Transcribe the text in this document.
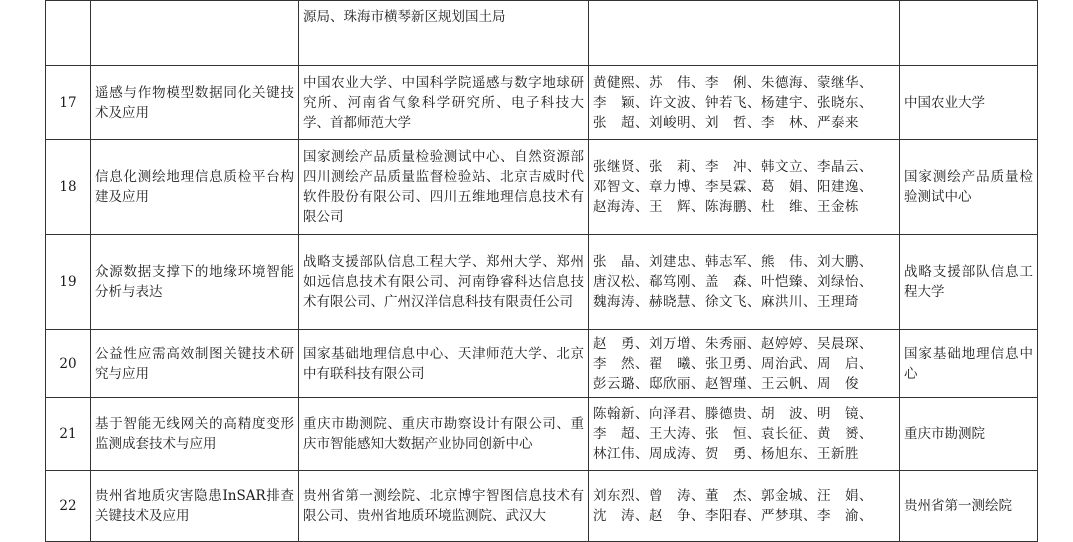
		源局、珠海市横琴新区规划国土局		
17	遥感与作物模型数据同化关键技术及应用	中国农业大学、中国科学院遥感与数字地球研究所、河南省气象科学研究所、电子科技大学、首都师范大学	黄健熙、苏　伟、李　俐、朱德海、蒙继华、
李　颖、许文波、钟若飞、杨建宇、张晓东、
张　超、刘峻明、刘　哲、李　林、严泰来	中国农业大学
18	信息化测绘地理信息质检平台构建及应用	国家测绘产品质量检验测试中心、自然资源部四川测绘产品质量监督检验站、北京吉威时代软件股份有限公司、四川五维地理信息技术有限公司	张继贤、张　莉、李　冲、韩文立、李晶云、
邓智文、章力博、李昊霖、葛　娟、阳建逸、
赵海涛、王　辉、陈海鹏、杜　维、王金栋	国家测绘产品质量检验测试中心
19	众源数据支撑下的地缘环境智能分析与表达	战略支援部队信息工程大学、郑州大学、郑州如远信息技术有限公司、河南铮睿科达信息技术有限公司、广州汉洋信息科技有限责任公司	张　晶、刘建忠、韩志军、熊　伟、刘大鹏、
唐汉松、郗笃刚、盖　森、叶恺臻、刘绿怡、
魏海涛、赫晓慧、徐文飞、麻洪川、王理琦	战略支援部队信息工程大学
20	公益性应需高效制图关键技术研究与应用	国家基础地理信息中心、天津师范大学、北京中有联科技有限公司	赵　勇、刘万增、朱秀丽、赵婷婷、吴晨琛、
李　然、翟　曦、张卫勇、周治武、周　启、
彭云璐、邸欣丽、赵智瑾、王云帆、周　俊	国家基础地理信息中心
21	基于智能无线网关的高精度变形监测成套技术与应用	重庆市勘测院、重庆市勘察设计有限公司、重庆市智能感知大数据产业协同创新中心	陈翰新、向泽君、滕德贵、胡　波、明　镜、
李　超、王大涛、张　恒、袁长征、黄　赟、
林江伟、周成涛、贺　勇、杨旭东、王新胜	重庆市勘测院
22	贵州省地质灾害隐患InSAR排查关键技术及应用	贵州省第一测绘院、北京博宇智图信息技术有限公司、贵州省地质环境监测院、武汉大	刘东烈、曾　涛、董　杰、郭金城、汪　娟、
沈　涛、赵　争、李阳春、严梦琪、李　渝、	贵州省第一测绘院
